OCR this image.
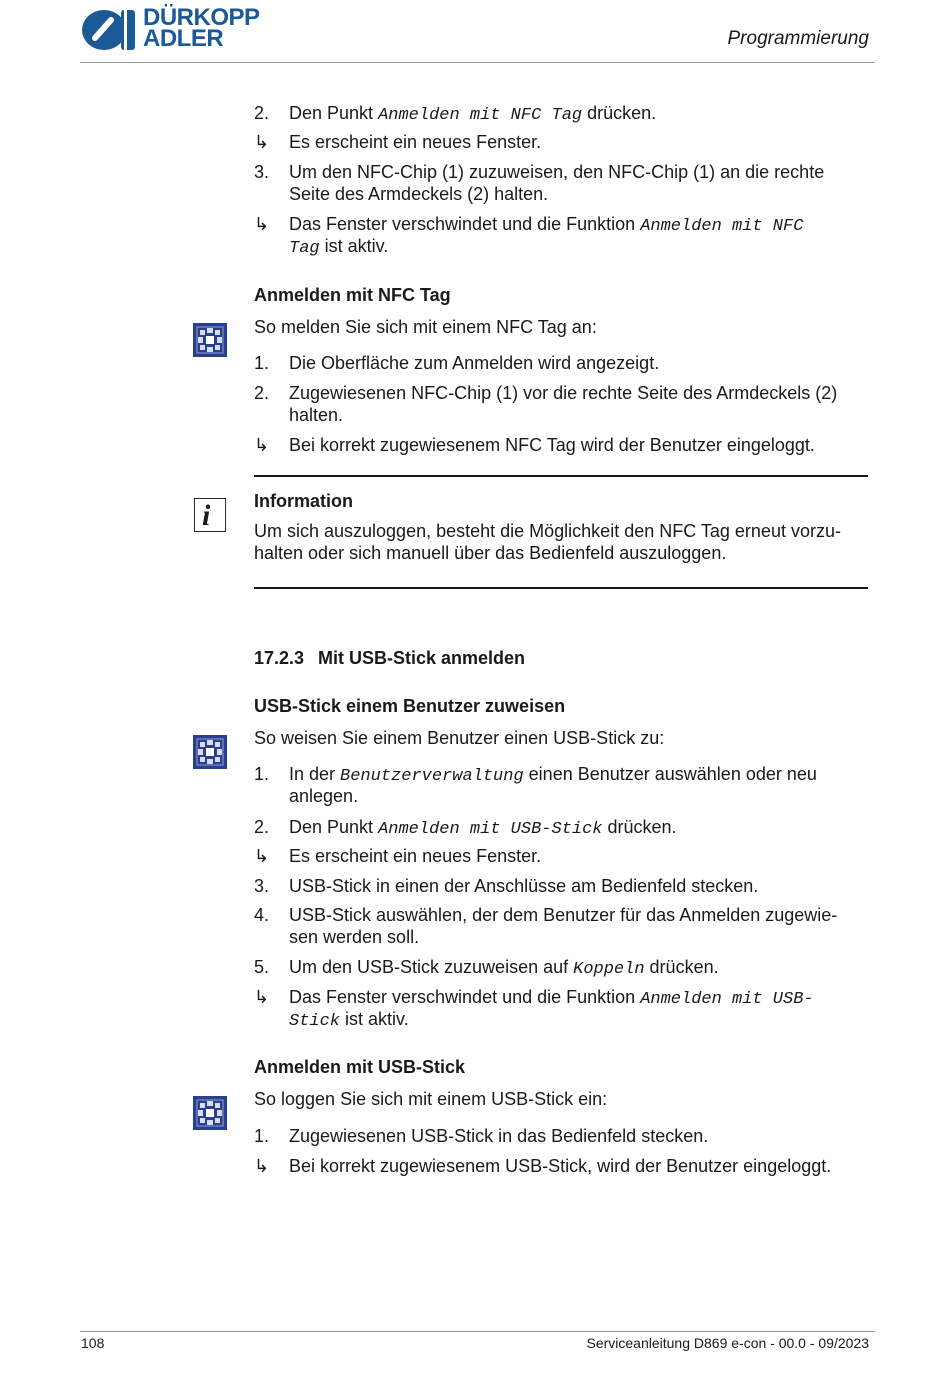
DÜRKOPP
ADLER	Programmierung
2.	Den Punkt Anmelden mit NFC Tag drücken.
↳	Es erscheint ein neues Fenster.
3.	Um den NFC-Chip (1) zuzuweisen, den NFC-Chip (1) an die rechte
Seite des Armdeckels (2) halten.
↳	Das Fenster verschwindet und die Funktion Anmelden mit NFC
Tag ist aktiv.
Anmelden mit NFC Tag
So melden Sie sich mit einem NFC Tag an:
1.	Die Oberfläche zum Anmelden wird angezeigt.
2.	Zugewiesenen NFC-Chip (1) vor die rechte Seite des Armdeckels (2)
halten.
↳	Bei korrekt zugewiesenem NFC Tag wird der Benutzer eingeloggt.
i Information
Um sich auszuloggen, besteht die Möglichkeit den NFC Tag erneut vorzu-
halten oder sich manuell über das Bedienfeld auszuloggen.
17.2.3 Mit USB-Stick anmelden
USB-Stick einem Benutzer zuweisen
So weisen Sie einem Benutzer einen USB-Stick zu:
1.	In der Benutzerverwaltung einen Benutzer auswählen oder neu
anlegen.
2.	Den Punkt Anmelden mit USB-Stick drücken.
↳	Es erscheint ein neues Fenster.
3.	USB-Stick in einen der Anschlüsse am Bedienfeld stecken.
4.	USB-Stick auswählen, der dem Benutzer für das Anmelden zugewie-
sen werden soll.
5.	Um den USB-Stick zuzuweisen auf Koppeln drücken.
↳	Das Fenster verschwindet und die Funktion Anmelden mit USB-
Stick ist aktiv.
Anmelden mit USB-Stick
So loggen Sie sich mit einem USB-Stick ein:
1.	Zugewiesenen USB-Stick in das Bedienfeld stecken.
↳	Bei korrekt zugewiesenem USB-Stick, wird der Benutzer eingeloggt.
108	Serviceanleitung D869 e-con - 00.0 - 09/2023
